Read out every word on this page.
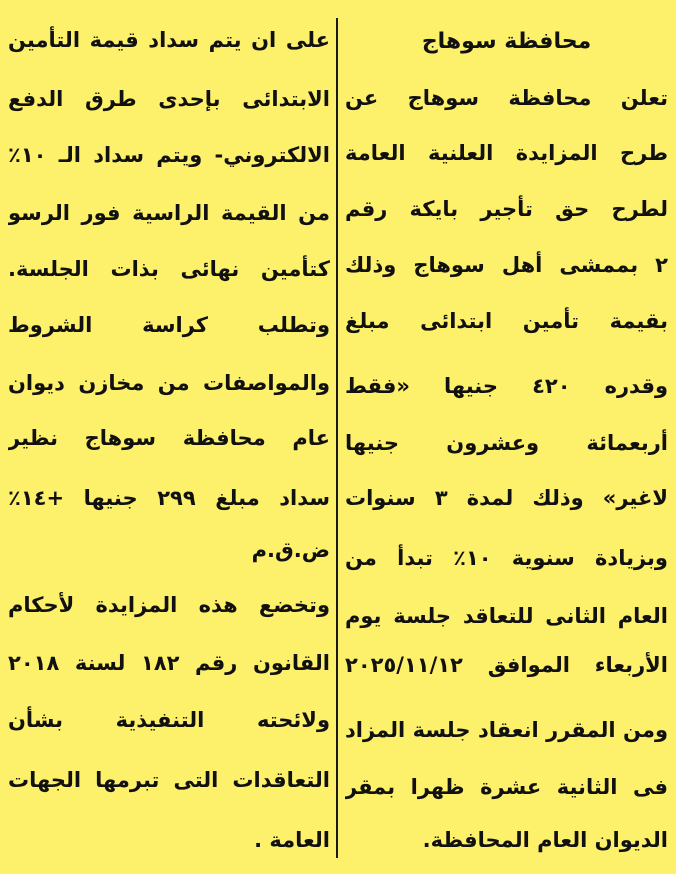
محافظة سوهاج
تعلن محافظة سوهاج عن
طرح المزايدة العلنية العامة
لطرح حق تأجير بايكة رقم
٢ بممشى أهل سوهاج وذلك
بقيمة تأمين ابتدائى مبلغ
وقدره ٤٢٠ جنيها «فقط
أربعمائة وعشرون جنيها
لاغير» وذلك لمدة ٣ سنوات
وبزيادة سنوية ١٠٪ تبدأ من
العام الثانى للتعاقد جلسة يوم
الأربعاء الموافق ٢٠٢٥/١١/١٢
ومن المقرر انعقاد جلسة المزاد
فى الثانية عشرة ظهرا بمقر
الديوان العام المحافظة.
على ان يتم سداد قيمة التأمين
الابتدائى بإحدى طرق الدفع
الالكتروني- ويتم سداد الـ ١٠٪
من القيمة الراسية فور الرسو
كتأمين نهائى بذات الجلسة.
وتطلب كراسة الشروط
والمواصفات من مخازن ديوان
عام محافظة سوهاج نظير
سداد مبلغ ٢٩٩ جنيها +١٤٪
ض.ق.م
وتخضع هذه المزايدة لأحكام
القانون رقم ١٨٢ لسنة ٢٠١٨
ولائحته التنفيذية بشأن
التعاقدات التى تبرمها الجهات
العامة .
